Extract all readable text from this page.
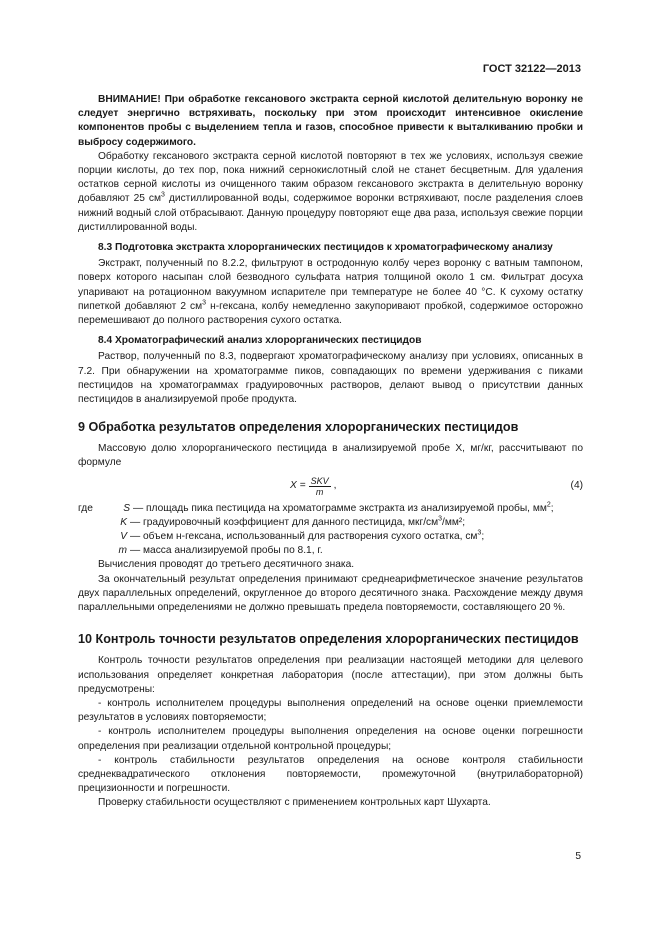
ГОСТ 32122—2013

ВНИМАНИЕ! При обработке гексанового экстракта серной кислотой делительную воронку не следует энергично встряхивать, поскольку при этом происходит интенсивное окисление компонентов пробы с выделением тепла и газов, способное привести к выталкиванию пробки и выбросу содержимого.

Обработку гексанового экстракта серной кислотой повторяют в тех же условиях, используя свежие порции кислоты, до тех пор, пока нижний сернокислотный слой не станет бесцветным. Для удаления остатков серной кислоты из очищенного таким образом гексанового экстракта в делительную воронку добавляют 25 $см^3$ дистиллированной воды, содержимое воронки встряхивают, после разделения слоев нижний водный слой отбрасывают. Данную процедуру повторяют еще два раза, используя свежие порции дистиллированной воды.

8.3 Подготовка экстракта хлорорганических пестицидов к хроматографическому анализу

Экстракт, полученный по 8.2.2, фильтруют в остродонную колбу через воронку с ватным тампоном, поверх которого насыпан слой безводного сульфата натрия толщиной около 1 см. Фильтрат досуха упаривают на ротационном вакуумном испарителе при температуре не более 40 °С. К сухому остатку пипеткой добавляют 2 $см^3$ н-гексана, колбу немедленно закупоривают пробкой, содержимое осторожно перемешивают до полного растворения сухого остатка.

8.4 Хроматографический анализ хлорорганических пестицидов

Раствор, полученный по 8.3, подвергают хроматографическому анализу при условиях, описанных в 7.2. При обнаружении на хроматограмме пиков, совпадающих по времени удерживания с пиками пестицидов на хроматограммах градуировочных растворов, делают вывод о присутствии данных пестицидов в анализируемой пробе продукта.

9 Обработка результатов определения хлорорганических пестицидов

Массовую долю хлорорганического пестицида в анализируемой пробе X, мг/кг, рассчитывают по формуле

$X = \frac{\text{SKV}}{m}$ ,	(4)
где	S — площадь пика пестицида на хроматограмме экстракта из анализируемой пробы, $мм^2$;
K — градуировочный коэффициент для данного пестицида, мкг/$см^3$/мм²;
V — объем н-гексана, использованный для растворения сухого остатка, $см^3$;
m — масса анализируемой пробы по 8.1, г.

Вычисления проводят до третьего десятичного знака.

За окончательный результат определения принимают среднеарифметическое значение результатов двух параллельных определений, округленное до второго десятичного знака. Расхождение между двумя параллельными определениями не должно превышать предела повторяемости, составляющего 20 %.

10 Контроль точности результатов определения хлорорганических пестицидов

Контроль точности результатов определения при реализации настоящей методики для целевого использования определяет конкретная лаборатория (после аттестации), при этом должны быть предусмотрены:

- контроль исполнителем процедуры выполнения определений на основе оценки приемлемости результатов в условиях повторяемости;

- контроль исполнителем процедуры выполнения определения на основе оценки погрешности определения при реализации отдельной контрольной процедуры;

- контроль стабильности результатов определения на основе контроля стабильности среднеквадратического отклонения повторяемости, промежуточной (внутрилабораторной) прецизионности и погрешности.

Проверку стабильности осуществляют с применением контрольных карт Шухарта.

5
